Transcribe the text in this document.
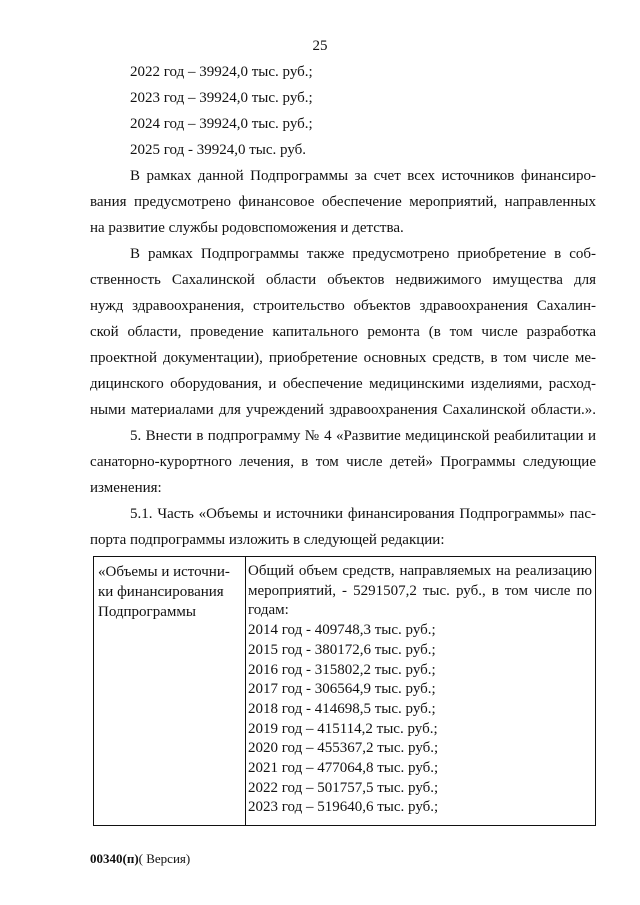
25
2022 год – 39924,0 тыс. руб.;
2023 год – 39924,0 тыс. руб.;
2024 год – 39924,0 тыс. руб.;
2025 год - 39924,0 тыс. руб.
В рамках данной Подпрограммы за счет всех источников финансиро-
вания предусмотрено финансовое обеспечение мероприятий, направленных
на развитие службы родовспоможения и детства.
В рамках Подпрограммы также предусмотрено приобретение в соб-
ственность Сахалинской области объектов недвижимого имущества для
нужд здравоохранения, строительство объектов здравоохранения Сахалин-
ской области, проведение капитального ремонта (в том числе разработка
проектной документации), приобретение основных средств, в том числе ме-
дицинского оборудования, и обеспечение медицинскими изделиями, расход-
ными материалами для учреждений здравоохранения Сахалинской области.».
5. Внести в подпрограмму № 4 «Развитие медицинской реабилитации и
санаторно-курортного лечения, в том числе детей» Программы следующие
изменения:
5.1. Часть «Объемы и источники финансирования Подпрограммы» пас-
порта подпрограммы изложить в следующей редакции:
«Объемы и источни-
ки финансирования
Подпрограммы
Общий объем средств, направляемых на реализацию
мероприятий, - 5291507,2 тыс. руб., в том числе по
годам:
2014 год - 409748,3 тыс. руб.;
2015 год - 380172,6 тыс. руб.;
2016 год - 315802,2 тыс. руб.;
2017 год - 306564,9 тыс. руб.;
2018 год - 414698,5 тыс. руб.;
2019 год – 415114,2 тыс. руб.;
2020 год – 455367,2 тыс. руб.;
2021 год – 477064,8 тыс. руб.;
2022 год – 501757,5 тыс. руб.;
2023 год – 519640,6 тыс. руб.;
00340(п)( Версия)
